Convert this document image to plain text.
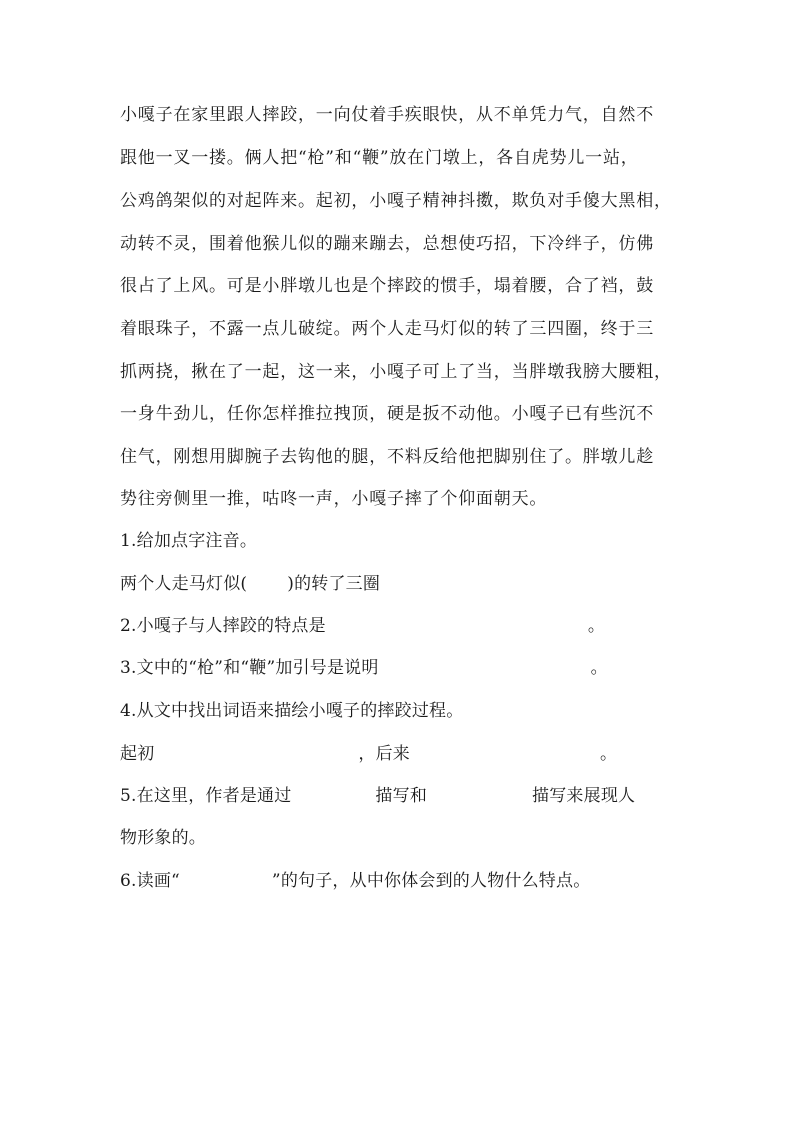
小嘎子在家里跟人摔跤，一向仗着手疾眼快，从不单凭力气，自然不
跟他一叉一搂。俩人把“枪”和“鞭”放在门墩上，各自虎势儿一站，
公鸡鸽架似的对起阵来。起初，小嘎子精神抖擞，欺负对手傻大黑相，
动转不灵，围着他猴儿似的蹦来蹦去，总想使巧招，下冷绊子，仿佛
很占了上风。可是小胖墩儿也是个摔跤的惯手，塌着腰，合了裆，鼓
着眼珠子，不露一点儿破绽。两个人走马灯似的转了三四圈，终于三
抓两挠，揪在了一起，这一来，小嘎子可上了当，当胖墩我膀大腰粗，
一身牛劲儿，任你怎样推拉拽顶，硬是扳不动他。小嘎子已有些沉不
住气，刚想用脚腕子去钩他的腿，不料反给他把脚别住了。胖墩儿趁
势往旁侧里一推，咕咚一声，小嘎子摔了个仰面朝天。
1.给加点字注音。
两个人走马灯似( )的转了三圈
2.小嘎子与人摔跤的特点是	。
3.文中的“枪”和“鞭”加引号是说明	。
4.从文中找出词语来描绘小嘎子的摔跤过程。
起初	，后来	。
5.在这里，作者是通过	描写和	描写来展现人
物形象的。
6.读画“	”的句子，从中你体会到的人物什么特点。
